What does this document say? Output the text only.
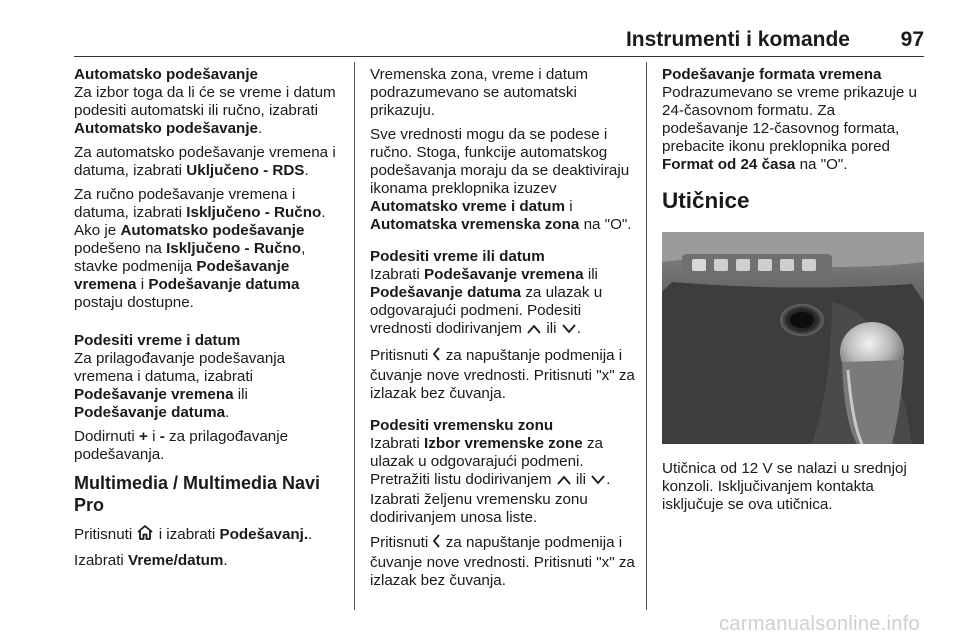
Instrumenti i komande 97

Automatsko podešavanje

Za izbor toga da li će se vreme i datum podesiti automatski ili ručno, izabrati Automatsko podešavanje.

Za automatsko podešavanje vremena i datuma, izabrati Uključeno - RDS.

Za ručno podešavanje vremena i datuma, izabrati Isključeno - Ručno. Ako je Automatsko podešavanje podešeno na Isključeno - Ručno, stavke podmenija Podešavanje vremena i Podešavanje datuma postaju dostupne.

Podesiti vreme i datum

Za prilagođavanje podešavanja vremena i datuma, izabrati Podešavanje vremena ili Podešavanje datuma.

Dodirnuti + i - za prilagođavanje podešavanja.

Multimedia / Multimedia Navi Pro

Pritisnuti  i izabrati Podešavanj..

Izabrati Vreme/datum.

Vremenska zona, vreme i datum podrazumevano se automatski prikazuju.

Sve vrednosti mogu da se podese i ručno. Stoga, funkcije automatskog podešavanja moraju da se deaktiviraju ikonama preklopnika izuzev Automatsko vreme i datum i Automatska vremenska zona na "O".

Podesiti vreme ili datum

Izabrati Podešavanje vremena ili Podešavanje datuma za ulazak u odgovarajući podmeni. Podesiti vrednosti dodirivanjem  ili .

Pritisnuti  za napuštanje podmenija i čuvanje nove vrednosti. Pritisnuti "x" za izlazak bez čuvanja.

Podesiti vremensku zonu

Izabrati Izbor vremenske zone za ulazak u odgovarajući podmeni. Pretražiti listu dodirivanjem  ili . Izabrati željenu vremensku zonu dodirivanjem unosa liste.

Pritisnuti  za napuštanje podmenija i čuvanje nove vrednosti. Pritisnuti "x" za izlazak bez čuvanja.

Podešavanje formata vremena

Podrazumevano se vreme prikazuje u 24-časovnom formatu. Za podešavanje 12-časovnog formata, prebacite ikonu preklopnika pored Format od 24 časa na "O".

Utičnice

Utičnica od 12 V se nalazi u srednjoj konzoli. Isključivanjem kontakta isključuje se ova utičnica.

carmanualsonline.info
